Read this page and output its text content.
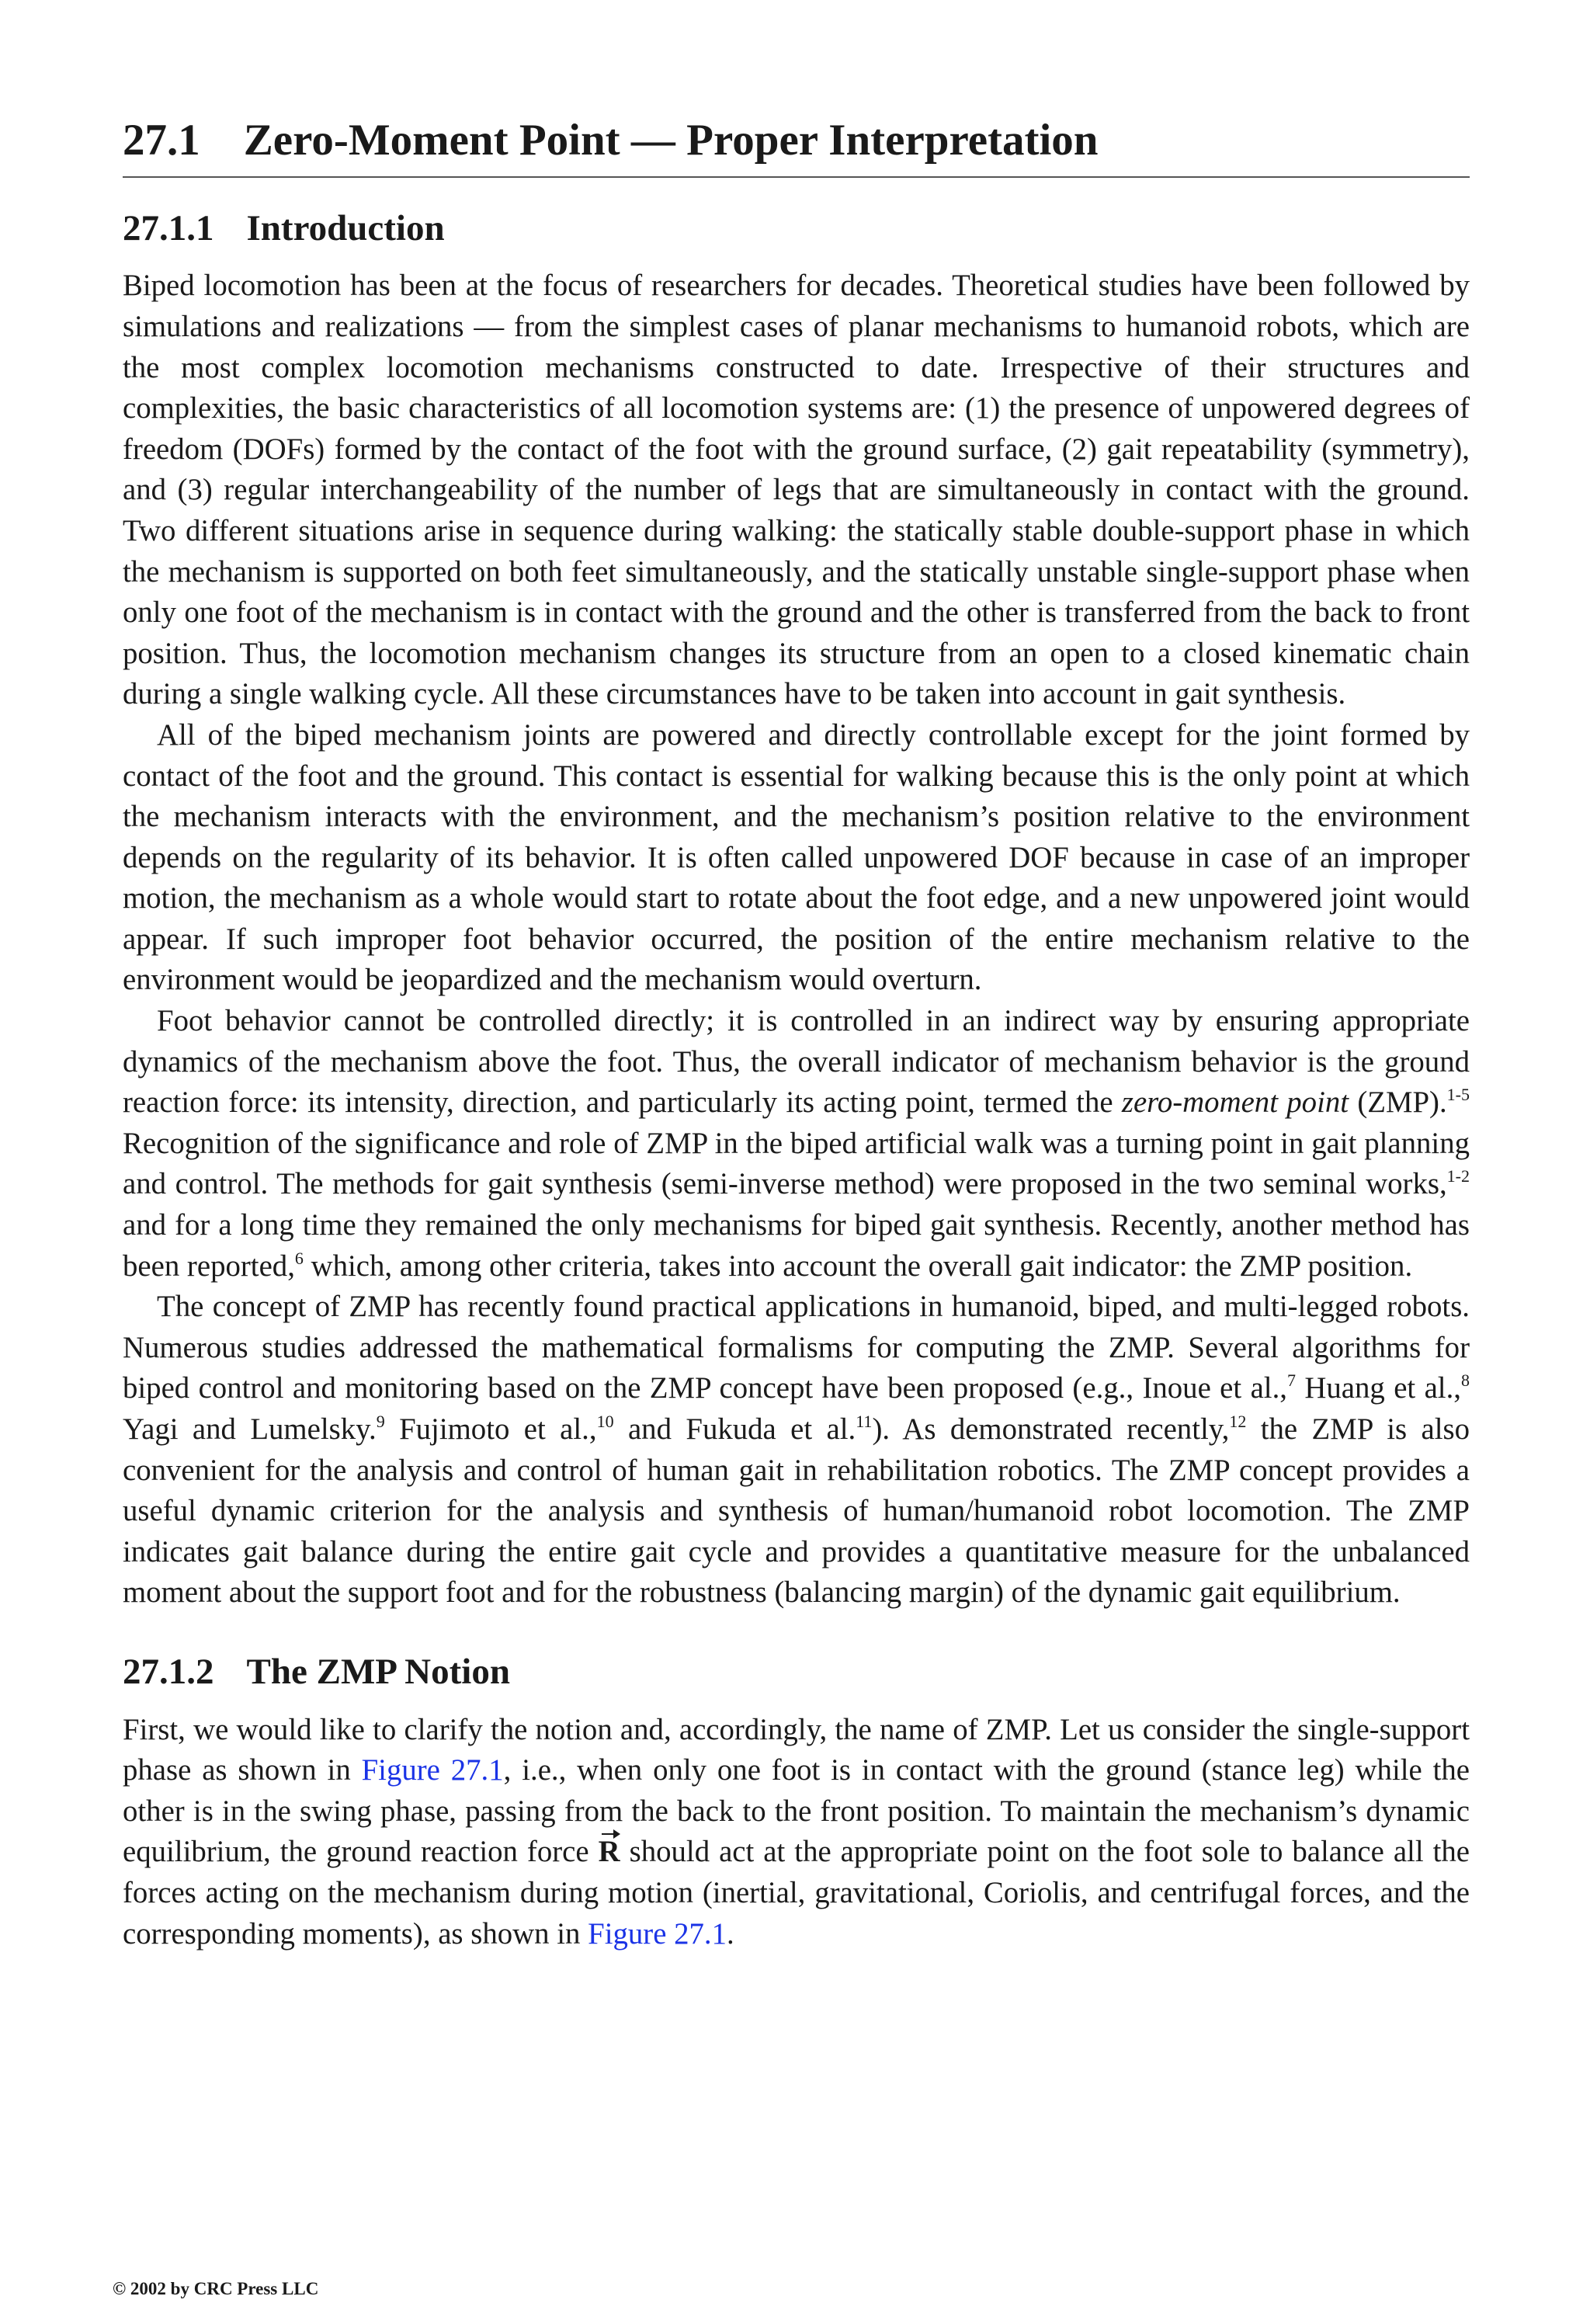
27.1 Zero-Moment Point — Proper Interpretation
27.1.1 Introduction

Biped locomotion has been at the focus of researchers for decades. Theoretical studies have been followed by simulations and realizations — from the simplest cases of planar mechanisms to humanoid robots, which are the most complex locomotion mechanisms constructed to date. Irrespective of their structures and complexities, the basic characteristics of all locomotion systems are: (1) the presence of unpowered degrees of freedom (DOFs) formed by the contact of the foot with the ground surface, (2) gait repeatability (symmetry), and (3) regular interchangeability of the number of legs that are simultaneously in contact with the ground. Two different situations arise in sequence during walking: the statically stable double-support phase in which the mechanism is supported on both feet simultaneously, and the statically unstable single-support phase when only one foot of the mechanism is in contact with the ground and the other is transferred from the back to front position. Thus, the locomotion mechanism changes its structure from an open to a closed kinematic chain during a single walking cycle. All these circumstances have to be taken into account in gait synthesis.

All of the biped mechanism joints are powered and directly controllable except for the joint formed by contact of the foot and the ground. This contact is essential for walking because this is the only point at which the mechanism interacts with the environment, and the mechanism’s position relative to the environment depends on the regularity of its behavior. It is often called unpowered DOF because in case of an improper motion, the mechanism as a whole would start to rotate about the foot edge, and a new unpowered joint would appear. If such improper foot behavior occurred, the position of the entire mechanism relative to the environment would be jeopardized and the mechanism would overturn.

Foot behavior cannot be controlled directly; it is controlled in an indirect way by ensuring appropriate dynamics of the mechanism above the foot. Thus, the overall indicator of mechanism behavior is the ground reaction force: its intensity, direction, and particularly its acting point, termed the zero-moment point (ZMP).$^{1-5}$ Recognition of the significance and role of ZMP in the biped artificial walk was a turning point in gait planning and control. The methods for gait synthesis (semi-inverse method) were proposed in the two seminal works,$^{1-2}$ and for a long time they remained the only mechanisms for biped gait synthesis. Recently, another method has been reported,$^6$ which, among other criteria, takes into account the overall gait indicator: the ZMP position.

The concept of ZMP has recently found practical applications in humanoid, biped, and multi-legged robots. Numerous studies addressed the mathematical formalisms for computing the ZMP. Several algorithms for biped control and monitoring based on the ZMP concept have been proposed (e.g., Inoue et al.,$^7$ Huang et al.,$^8$ Yagi and Lumelsky.$^9$ Fujimoto et al.,$^{10}$ and Fukuda et al.$^{11}$). As demonstrated recently,$^{12}$ the ZMP is also convenient for the analysis and control of human gait in rehabilitation robotics. The ZMP concept provides a useful dynamic criterion for the analysis and synthesis of human/humanoid robot locomotion. The ZMP indicates gait balance during the entire gait cycle and provides a quantitative measure for the unbalanced moment about the support foot and for the robustness (balancing margin) of the dynamic gait equilibrium.

27.1.2 The ZMP Notion

First, we would like to clarify the notion and, accordingly, the name of ZMP. Let us consider the single-support phase as shown in Figure 27.1, i.e., when only one foot is in contact with the ground (stance leg) while the other is in the swing phase, passing from the back to the front position. To maintain the mechanism’s dynamic equilibrium, the ground reaction force R should act at the appropriate point on the foot sole to balance all the forces acting on the mechanism during motion (inertial, gravitational, Coriolis, and centrifugal forces, and the corresponding moments), as shown in Figure 27.1.

© 2002 by CRC Press LLC
